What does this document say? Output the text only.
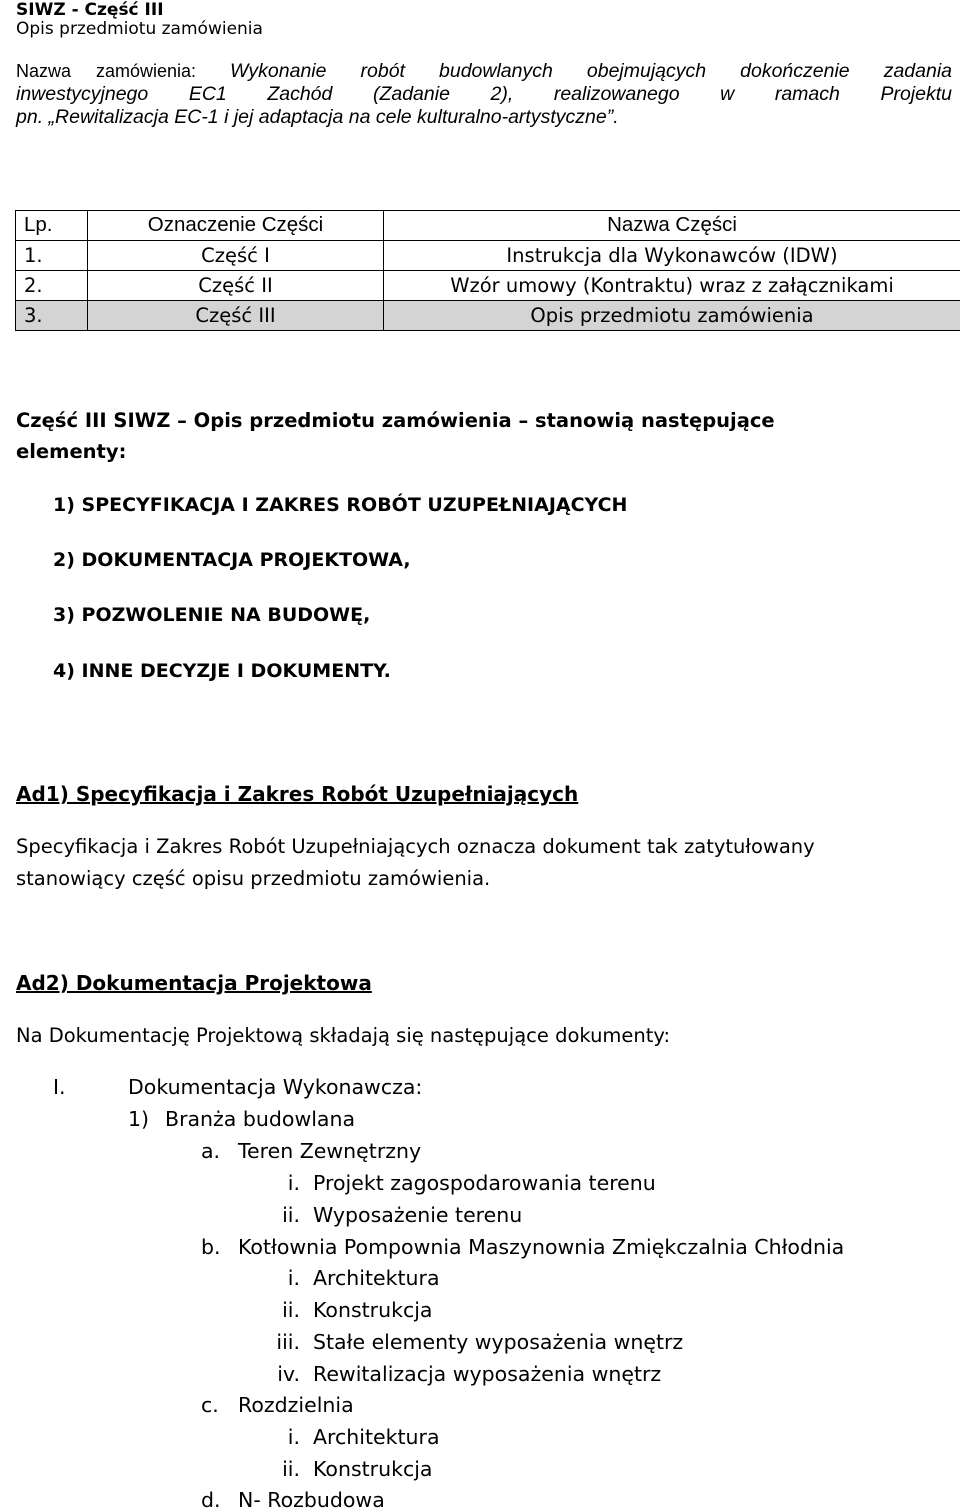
SIWZ - Część III
Opis przedmiotu zamówienia
Nazwa zamówienia: Wykonanie robót budowlanych obejmujących dokończenie zadania
inwestycyjnego EC1 Zachód (Zadanie 2), realizowanego w ramach Projektu
pn. „Rewitalizacja EC-1 i jej adaptacja na cele kulturalno-artystyczne”.
Lp.	Oznaczenie Części	Nazwa Części
1.	Część I	Instrukcja dla Wykonawców (IDW)
2.	Część II	Wzór umowy (Kontraktu) wraz z załącznikami
3.	Część III	Opis przedmiotu zamówienia
Część III SIWZ – Opis przedmiotu zamówienia – stanowią następujące
elementy:
1) SPECYFIKACJA I ZAKRES ROBÓT UZUPEŁNIAJĄCYCH
2) DOKUMENTACJA PROJEKTOWA,
3) POZWOLENIE NA BUDOWĘ,
4) INNE DECYZJE I DOKUMENTY.
Ad1) Specyfikacja i Zakres Robót Uzupełniających
Specyfikacja i Zakres Robót Uzupełniających oznacza dokument tak zatytułowany
stanowiący część opisu przedmiotu zamówienia.
Ad2) Dokumentacja Projektowa
Na Dokumentację Projektową składają się następujące dokumenty:
I.	Dokumentacja Wykonawcza:
1) Branża budowlana
a. Teren Zewnętrzny
i. Projekt zagospodarowania terenu
ii. Wyposażenie terenu
b. Kotłownia Pompownia Maszynownia Zmiękczalnia Chłodnia
i. Architektura
ii. Konstrukcja
iii. Stałe elementy wyposażenia wnętrz
iv. Rewitalizacja wyposażenia wnętrz
c. Rozdzielnia
i. Architektura
ii. Konstrukcja
d. N- Rozbudowa
